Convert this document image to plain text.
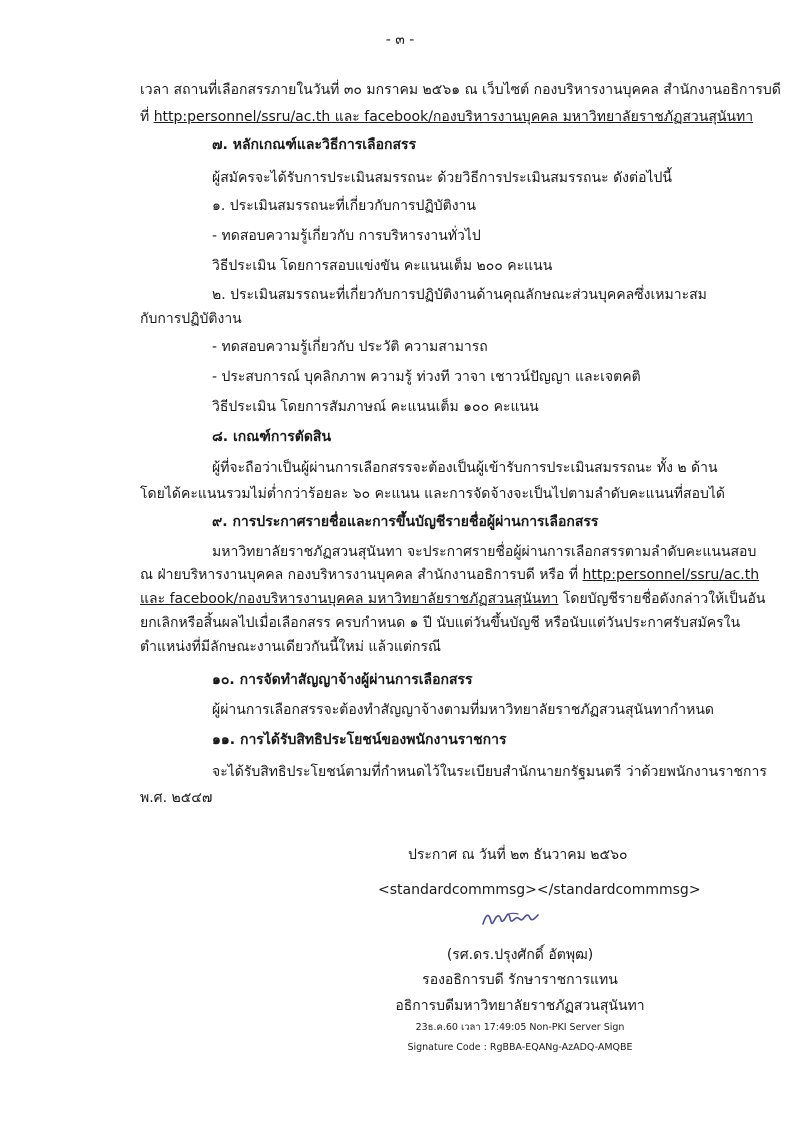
- ๓ -
เวลา สถานที่เลือกสรรภายในวันที่ ๓๐ มกราคม ๒๕๖๑ ณ เว็บไซต์ กองบริหารงานบุคคล สำนักงานอธิการบดี
ที่ http:personnel/ssru/ac.th และ facebook/กองบริหารงานบุคคล มหาวิทยาลัยราชภัฏสวนสุนันทา
๗. หลักเกณฑ์และวิธีการเลือกสรร
ผู้สมัครจะได้รับการประเมินสมรรถนะ ด้วยวิธีการประเมินสมรรถนะ ดังต่อไปนี้
๑. ประเมินสมรรถนะที่เกี่ยวกับการปฏิบัติงาน
- ทดสอบความรู้เกี่ยวกับ การบริหารงานทั่วไป
วิธีประเมิน โดยการสอบแข่งขัน คะแนนเต็ม ๒๐๐ คะแนน
๒. ประเมินสมรรถนะที่เกี่ยวกับการปฏิบัติงานด้านคุณลักษณะส่วนบุคคลซึ่งเหมาะสม
กับการปฏิบัติงาน
- ทดสอบความรู้เกี่ยวกับ ประวัติ ความสามารถ
- ประสบการณ์ บุคลิกภาพ ความรู้ ท่วงที วาจา เชาวน์ปัญญา และเจตคติ
วิธีประเมิน โดยการสัมภาษณ์ คะแนนเต็ม ๑๐๐ คะแนน
๘. เกณฑ์การตัดสิน
ผู้ที่จะถือว่าเป็นผู้ผ่านการเลือกสรรจะต้องเป็นผู้เข้ารับการประเมินสมรรถนะ ทั้ง ๒ ด้าน
โดยได้คะแนนรวมไม่ต่ำกว่าร้อยละ ๖๐ คะแนน และการจัดจ้างจะเป็นไปตามลำดับคะแนนที่สอบได้
๙. การประกาศรายชื่อและการขึ้นบัญชีรายชื่อผู้ผ่านการเลือกสรร
มหาวิทยาลัยราชภัฏสวนสุนันทา จะประกาศรายชื่อผู้ผ่านการเลือกสรรตามลำดับคะแนนสอบ
ณ ฝ่ายบริหารงานบุคคล กองบริหารงานบุคคล สำนักงานอธิการบดี หรือ ที่ http:personnel/ssru/ac.th
และ facebook/กองบริหารงานบุคคล มหาวิทยาลัยราชภัฏสวนสุนันทา โดยบัญชีรายชื่อดังกล่าวให้เป็นอัน
ยกเลิกหรือสิ้นผลไปเมื่อเลือกสรร ครบกำหนด ๑ ปี นับแต่วันขึ้นบัญชี หรือนับแต่วันประกาศรับสมัครใน
ตำแหน่งที่มีลักษณะงานเดียวกันนี้ใหม่ แล้วแต่กรณี
๑๐. การจัดทำสัญญาจ้างผู้ผ่านการเลือกสรร
ผู้ผ่านการเลือกสรรจะต้องทำสัญญาจ้างตามที่มหาวิทยาลัยราชภัฏสวนสุนันทากำหนด
๑๑. การได้รับสิทธิประโยชน์ของพนักงานราชการ
จะได้รับสิทธิประโยชน์ตามที่กำหนดไว้ในระเบียบสำนักนายกรัฐมนตรี ว่าด้วยพนักงานราชการ
พ.ศ. ๒๕๔๗
ประกาศ ณ วันที่ ๒๓ ธันวาคม ๒๕๖๐
<standardcommmsg></standardcommmsg>
(รศ.ดร.ปรุงศักดิ์ อัตพุฒ)
รองอธิการบดี รักษาราชการแทน
อธิการบดีมหาวิทยาลัยราชภัฏสวนสุนันทา
23ธ.ค.60 เวลา 17:49:05 Non-PKI Server Sign
Signature Code : RgBBA-EQANg-AzADQ-AMQBE
